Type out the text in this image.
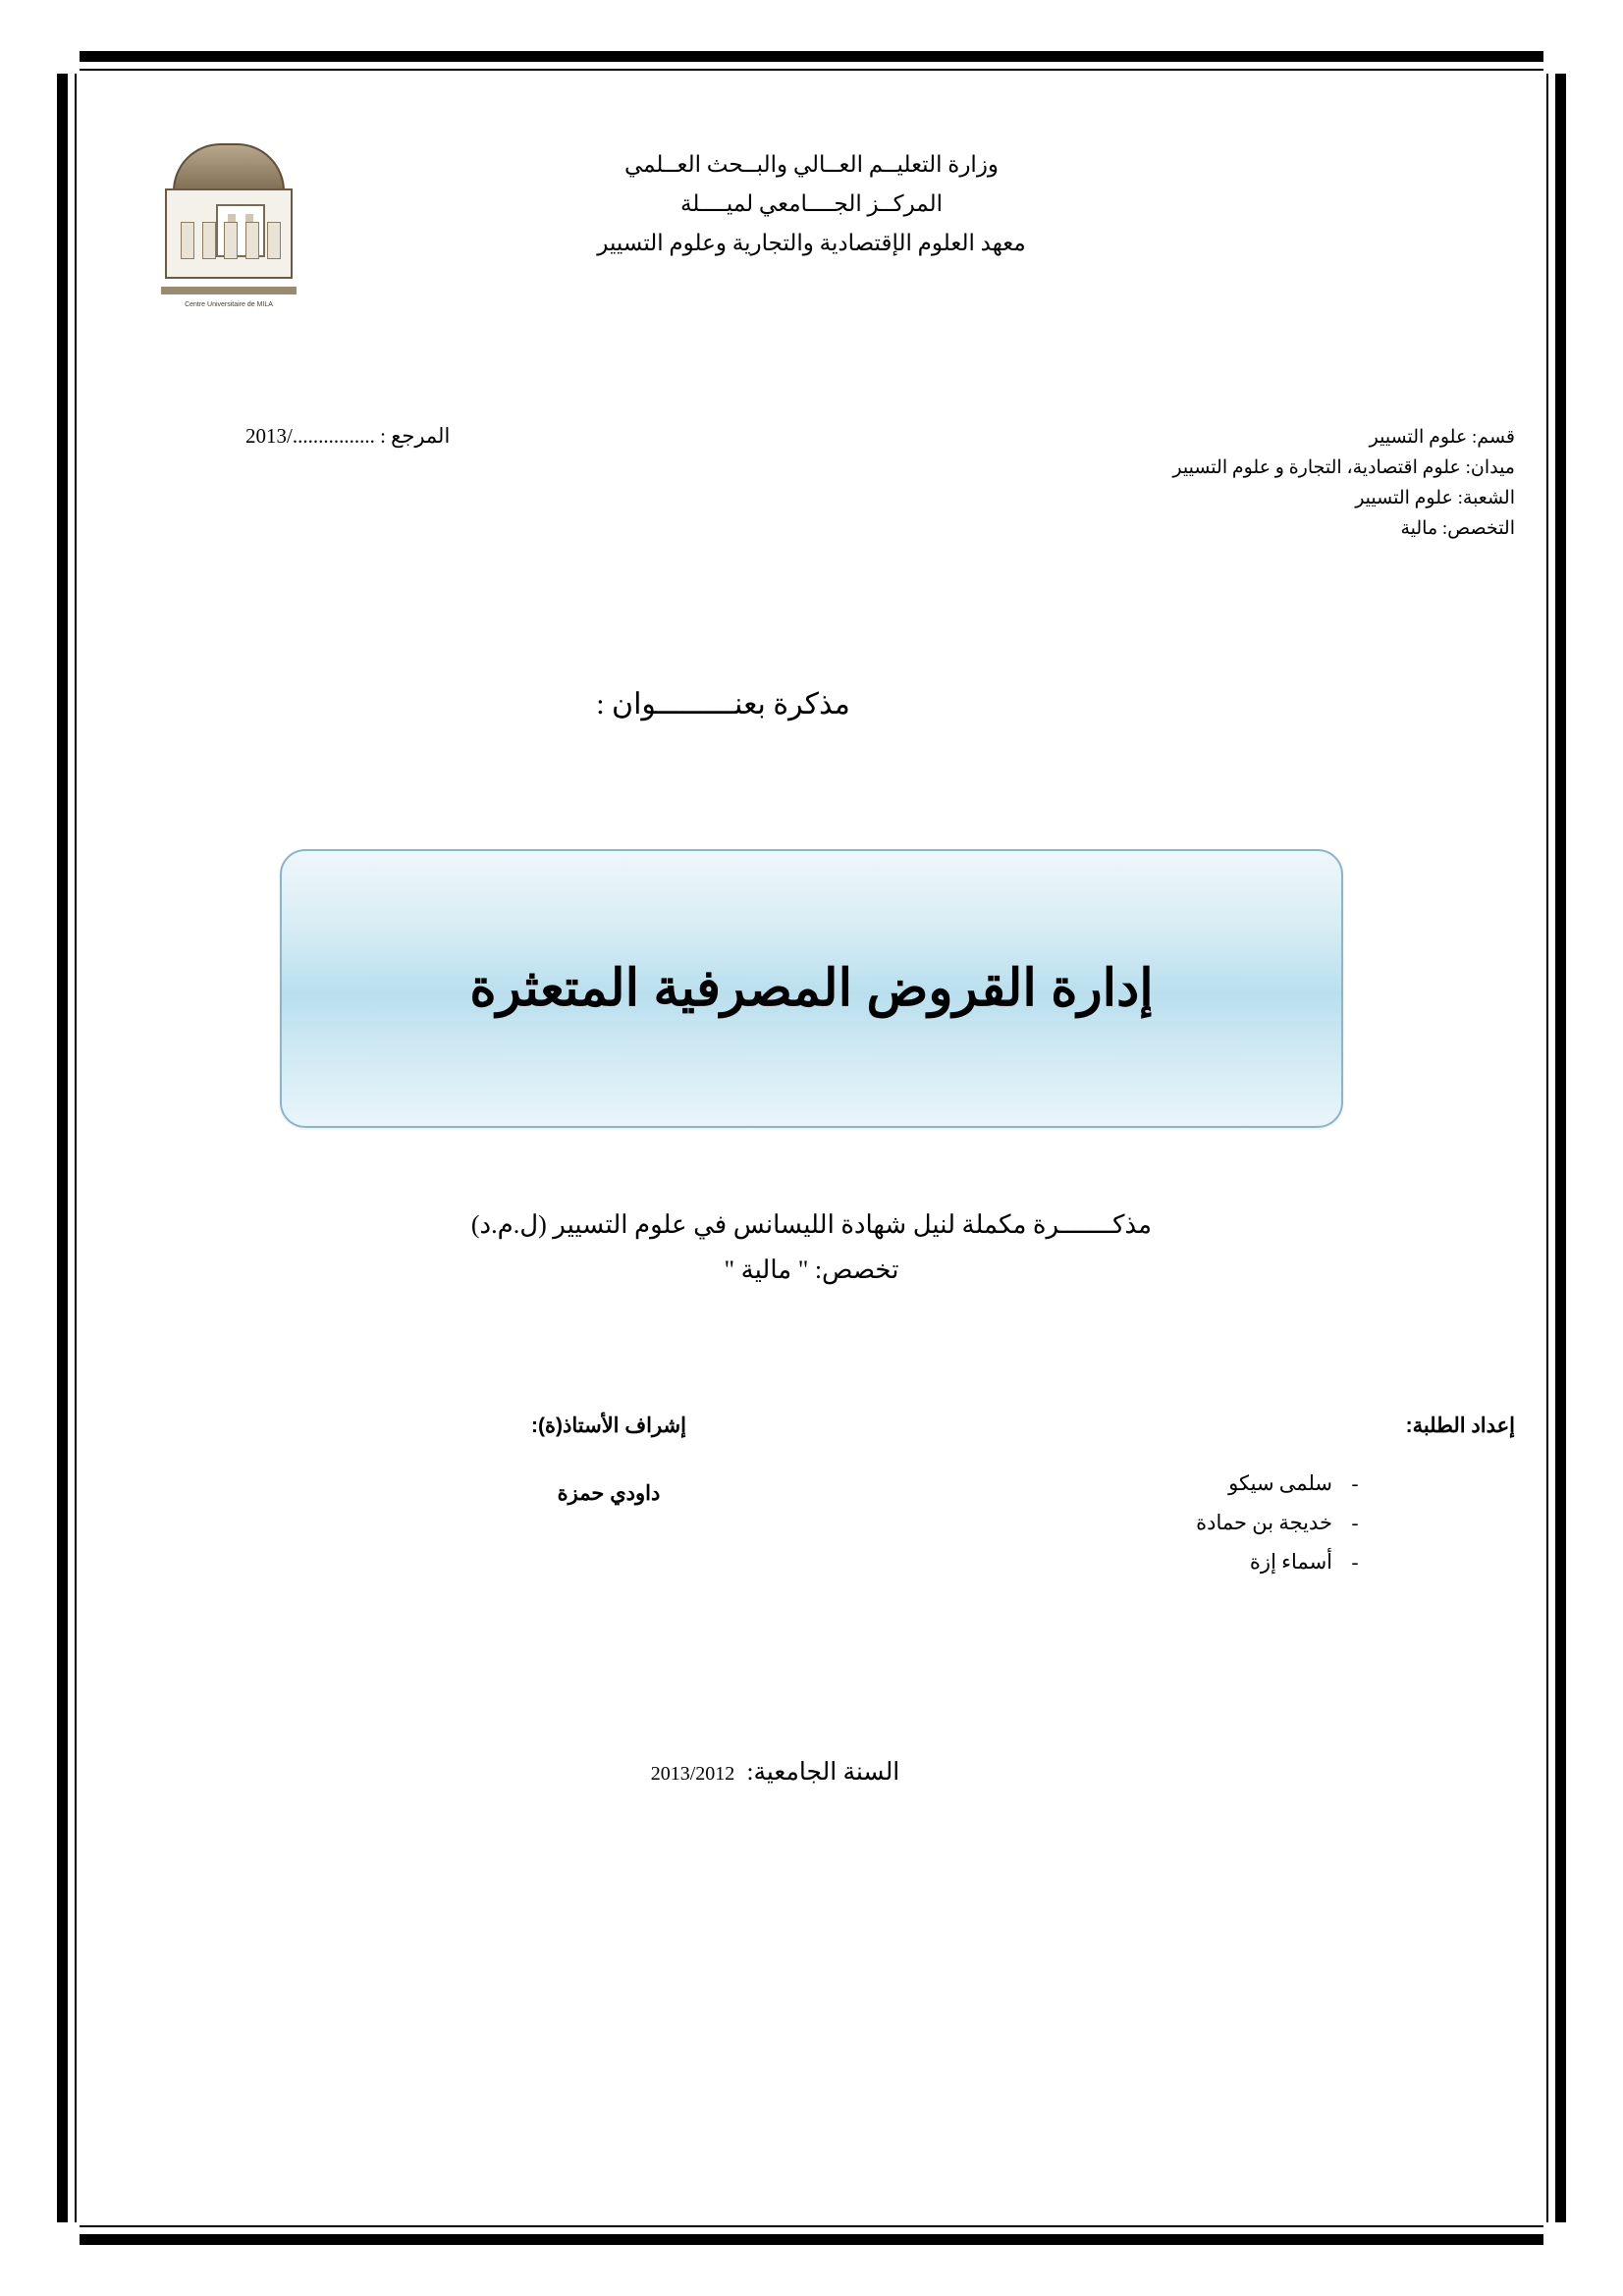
Centre Universitaire de MILA
وزارة التعليــم العــالي والبــحث العــلمي
المركــز الجــــامعي لميــــلة
معهد العلوم الإقتصادية والتجارية وعلوم التسيير
المرجع : ................/2013	قسم: علوم التسيير
ميدان: علوم اقتصادية، التجارة و علوم التسيير
الشعبة: علوم التسيير
التخصص: مالية
مذكرة بعنـــــــــوان :
إدارة القروض المصرفية المتعثرة
مذكـــــــرة مكملة لنيل شهادة الليسانس في علوم التسيير (ل.م.د)
تخصص: " مالية "
إعداد الطلبة:
-
سلمى سيكو
-
خديجة بن حمادة
-
أسماء إزة
إشراف الأستاذ(ة):
داودي حمزة
السنة الجامعية: 2013/2012
